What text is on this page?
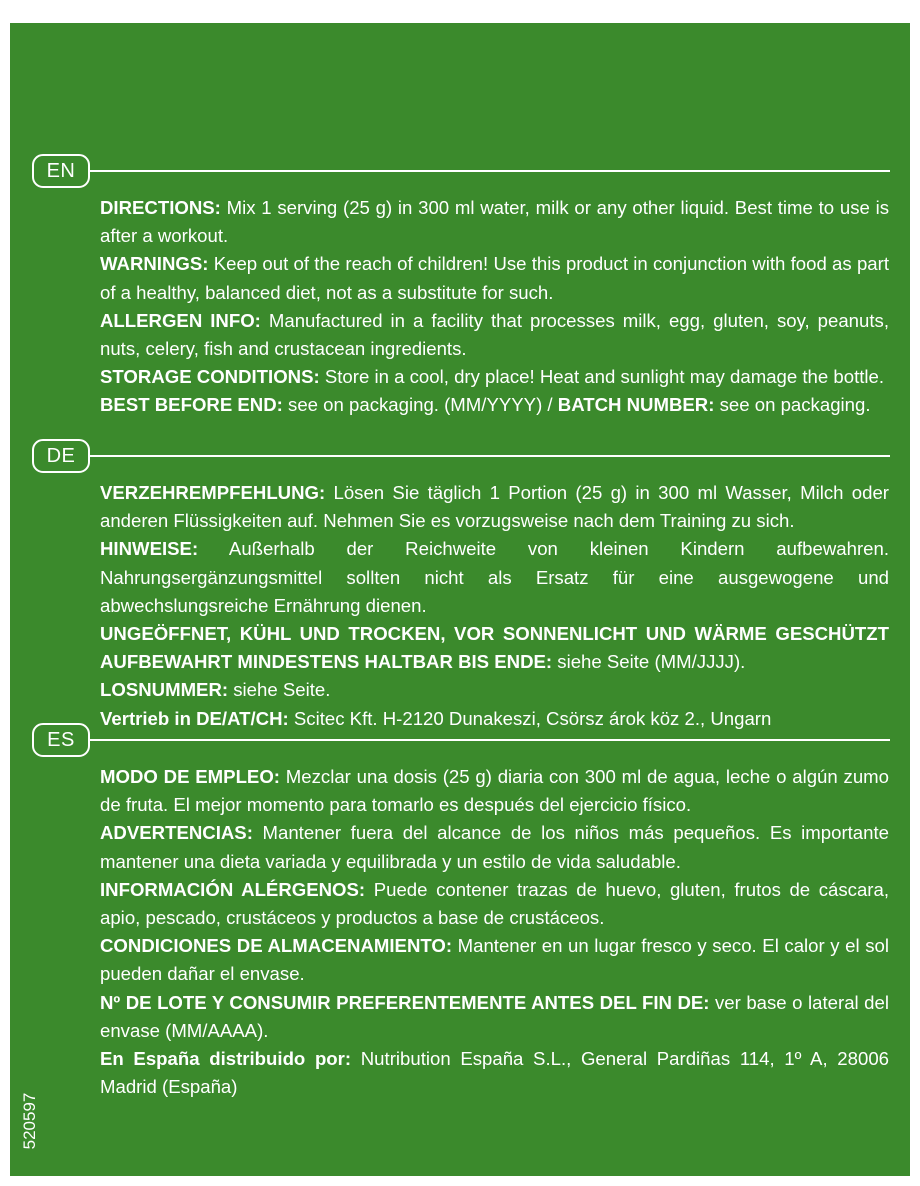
EN

DIRECTIONS: Mix 1 serving (25 g) in 300 ml water, milk or any other liquid. Best time to use is after a workout.

WARNINGS: Keep out of the reach of children! Use this product in conjunction with food as part of a healthy, balanced diet, not as a substitute for such.

ALLERGEN INFO: Manufactured in a facility that processes milk, egg, gluten, soy, peanuts, nuts, celery, fish and crustacean ingredients.

STORAGE CONDITIONS: Store in a cool, dry place! Heat and sunlight may damage the bottle.

BEST BEFORE END: see on packaging. (MM/YYYY) / BATCH NUMBER: see on packaging.

DE

VERZEHREMPFEHLUNG: Lösen Sie täglich 1 Portion (25 g) in 300 ml Wasser, Milch oder anderen Flüssigkeiten auf. Nehmen Sie es vorzugsweise nach dem Training zu sich.

HINWEISE: Außerhalb der Reichweite von kleinen Kindern aufbewahren. Nahrungsergänzungsmittel sollten nicht als Ersatz für eine ausgewogene und abwechslungsreiche Ernährung dienen.

UNGEÖFFNET, KÜHL UND TROCKEN, VOR SONNENLICHT UND WÄRME GESCHÜTZT AUFBEWAHRT MINDESTENS HALTBAR BIS ENDE: siehe Seite (MM/JJJJ).

LOSNUMMER: siehe Seite.

Vertrieb in DE/AT/CH: Scitec Kft. H-2120 Dunakeszi, Csörsz árok köz 2., Ungarn

ES

MODO DE EMPLEO: Mezclar una dosis (25 g) diaria con 300 ml de agua, leche o algún zumo de fruta. El mejor momento para tomarlo es después del ejercicio físico.

ADVERTENCIAS: Mantener fuera del alcance de los niños más pequeños. Es importante mantener una dieta variada y equilibrada y un estilo de vida saludable.

INFORMACIÓN ALÉRGENOS: Puede contener trazas de huevo, gluten, frutos de cáscara, apio, pescado, crustáceos y productos a base de crustáceos.

CONDICIONES DE ALMACENAMIENTO: Mantener en un lugar fresco y seco. El calor y el sol pueden dañar el envase.

Nº DE LOTE Y CONSUMIR PREFERENTEMENTE ANTES DEL FIN DE: ver base o lateral del envase (MM/AAAA).

En España distribuido por: Nutribution España S.L., General Pardiñas 114, 1º A, 28006 Madrid (España)

520597
